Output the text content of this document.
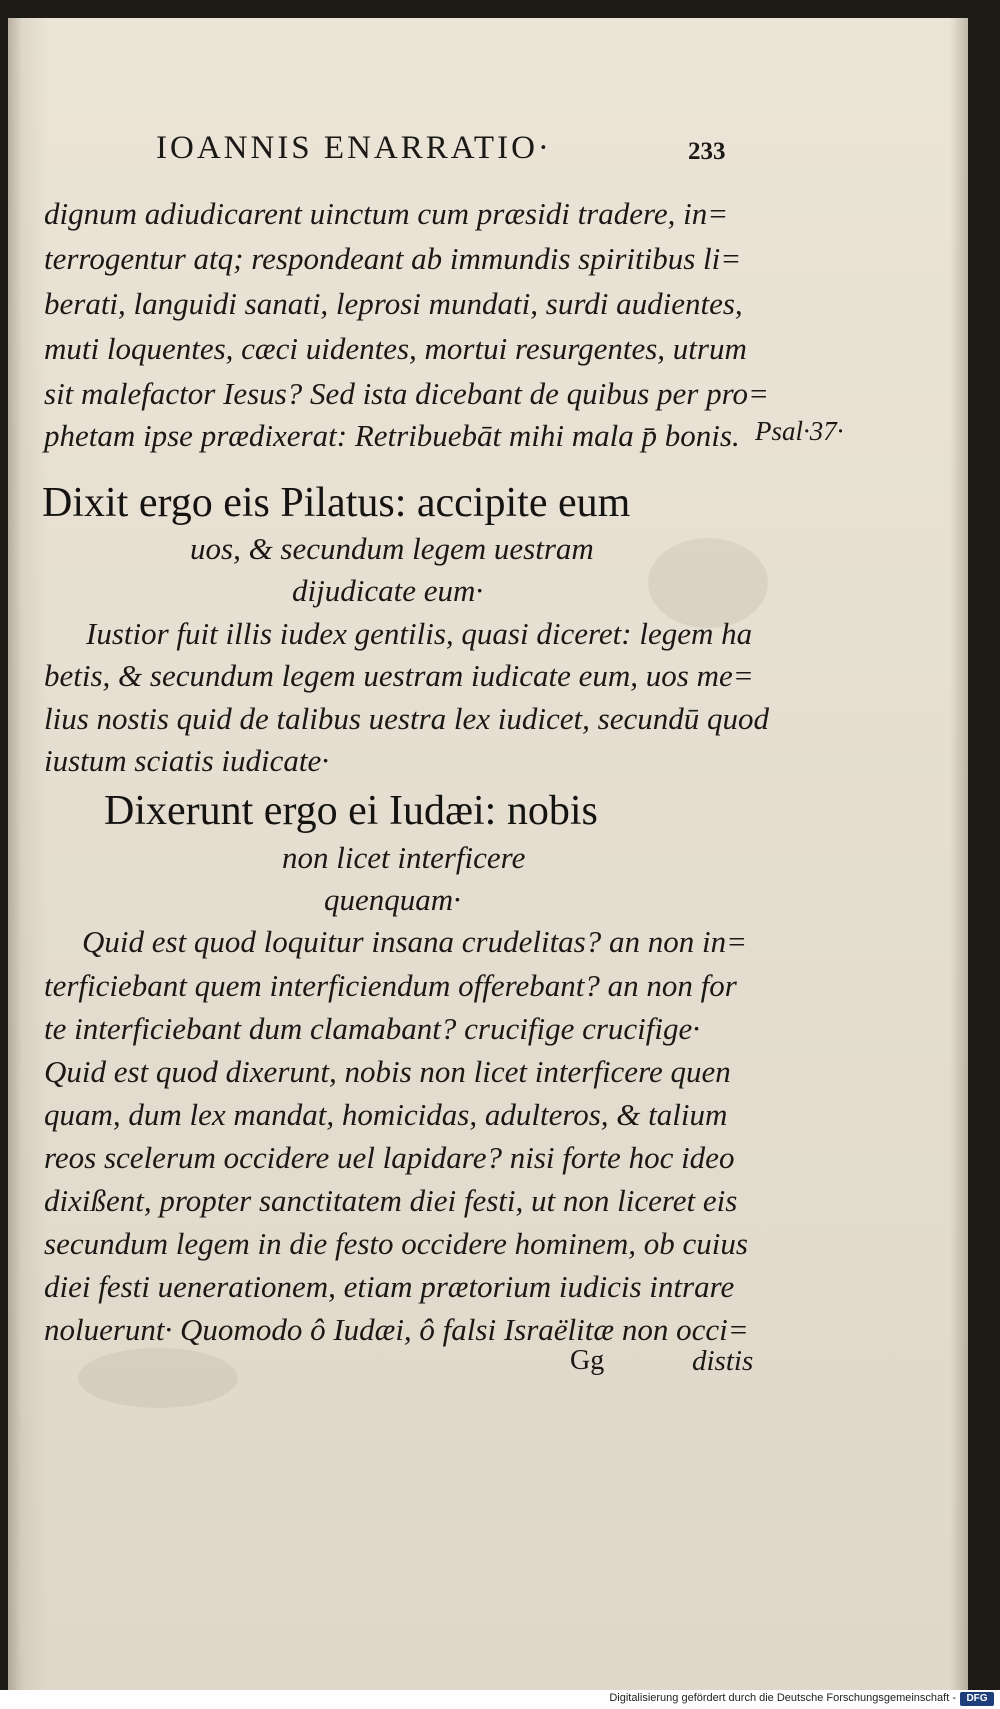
IOANNIS ENARRATIO·	233
dignum adiudicarent uinctum cum præsidi tradere, in=
terrogentur atq; respondeant ab immundis spiritibus li=
berati, languidi sanati, leprosi mundati, surdi audientes,
muti loquentes, cæci uidentes, mortui resurgentes, utrum
sit malefactor Iesus? Sed ista dicebant de quibus per pro=
phetam ipse prædixerat: Retribuebāt mihi mala p̄ bonis. Psal·37·
Dixit ergo eis Pilatus: accipite eum
uos, & secundum legem uestram
dijudicate eum·
Iustior fuit illis iudex gentilis, quasi diceret: legem ha
betis, & secundum legem uestram iudicate eum, uos me=
lius nostis quid de talibus uestra lex iudicet, secundū quod
iustum sciatis iudicate·
Dixerunt ergo ei Iudæi: nobis
non licet interficere
quenquam·
Quid est quod loquitur insana crudelitas? an non in=
terficiebant quem interficiendum offerebant? an non for
te interficiebant dum clamabant? crucifige crucifige·
Quid est quod dixerunt, nobis non licet interficere quen
quam, dum lex mandat, homicidas, adulteros, & talium
reos scelerum occidere uel lapidare? nisi forte hoc ideo
dixißent, propter sanctitatem diei festi, ut non liceret eis
secundum legem in die festo occidere hominem, ob cuius
diei festi uenerationem, etiam prætorium iudicis intrare
noluerunt· Quomodo ô Iudæi, ô falsi Israëlitæ non occi=
Gg	distis
Digitalisierung gefördert durch die Deutsche Forschungsgemeinschaft -	DFG
